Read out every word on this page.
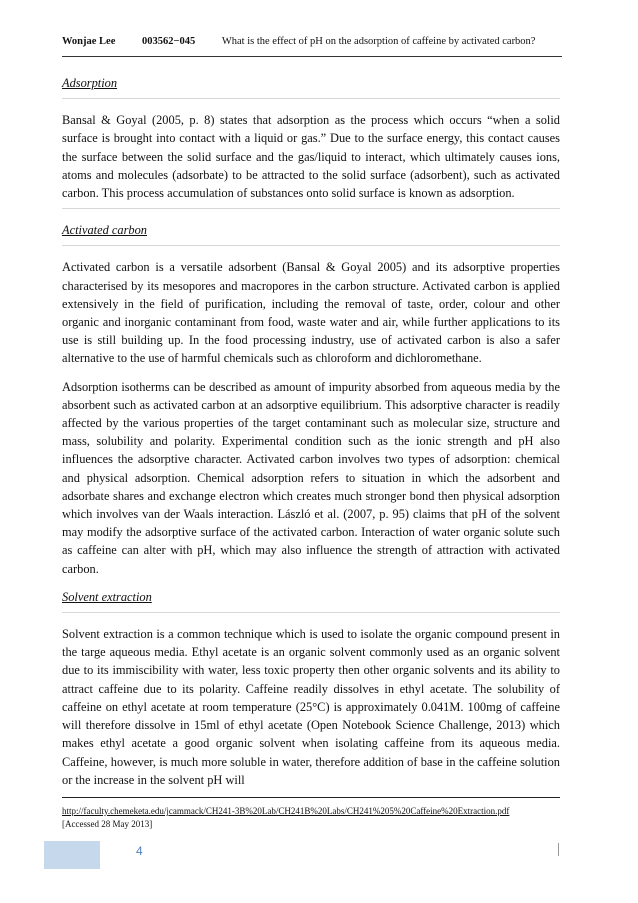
Wonjae Lee	003562−045	What is the effect of pH on the adsorption of caffeine by activated carbon?
Adsorption

Bansal & Goyal (2005, p. 8) states that adsorption as the process which occurs “when a solid surface is brought into contact with a liquid or gas.” Due to the surface energy, this contact causes the surface between the solid surface and the gas/liquid to interact, which ultimately causes ions, atoms and molecules (adsorbate) to be attracted to the solid surface (adsorbent), such as activated carbon. This process accumulation of substances onto solid surface is known as adsorption.

Activated carbon

Activated carbon is a versatile adsorbent (Bansal & Goyal 2005) and its adsorptive properties characterised by its mesopores and macropores in the carbon structure. Activated carbon is applied extensively in the field of purification, including the removal of taste, order, colour and other organic and inorganic contaminant from food, waste water and air, while further applications to its use is still building up. In the food processing industry, use of activated carbon is also a safer alternative to the use of harmful chemicals such as chloroform and dichloromethane.

Adsorption isotherms can be described as amount of impurity absorbed from aqueous media by the absorbent such as activated carbon at an adsorptive equilibrium. This adsorptive character is readily affected by the various properties of the target contaminant such as molecular size, structure and mass, solubility and polarity. Experimental condition such as the ionic strength and pH also influences the adsorptive character. Activated carbon involves two types of adsorption: chemical and physical adsorption. Chemical adsorption refers to situation in which the adsorbent and adsorbate shares and exchange electron which creates much stronger bond then physical adsorption which involves van der Waals interaction. László et al. (2007, p. 95) claims that pH of the solvent may modify the adsorptive surface of the activated carbon. Interaction of water organic solute such as caffeine can alter with pH, which may also influence the strength of attraction with activated carbon.

Solvent extraction

Solvent extraction is a common technique which is used to isolate the organic compound present in the targe aqueous media. Ethyl acetate is an organic solvent commonly used as an organic solvent due to its immiscibility with water, less toxic property then other organic solvents and its ability to attract caffeine due to its polarity. Caffeine readily dissolves in ethyl acetate. The solubility of caffeine on ethyl acetate at room temperature (25°C) is approximately 0.041M. 100mg of caffeine will therefore dissolve in 15ml of ethyl acetate (Open Notebook Science Challenge, 2013) which makes ethyl acetate a good organic solvent when isolating caffeine from its aqueous media. Caffeine, however, is much more soluble in water, therefore addition of base in the caffeine solution or the increase in the solvent pH will

http://faculty.chemeketa.edu/jcammack/CH241-3B%20Lab/CH241B%20Labs/CH241%205%20Caffeine%20Extraction.pdf
[Accessed 28 May 2013]
4
